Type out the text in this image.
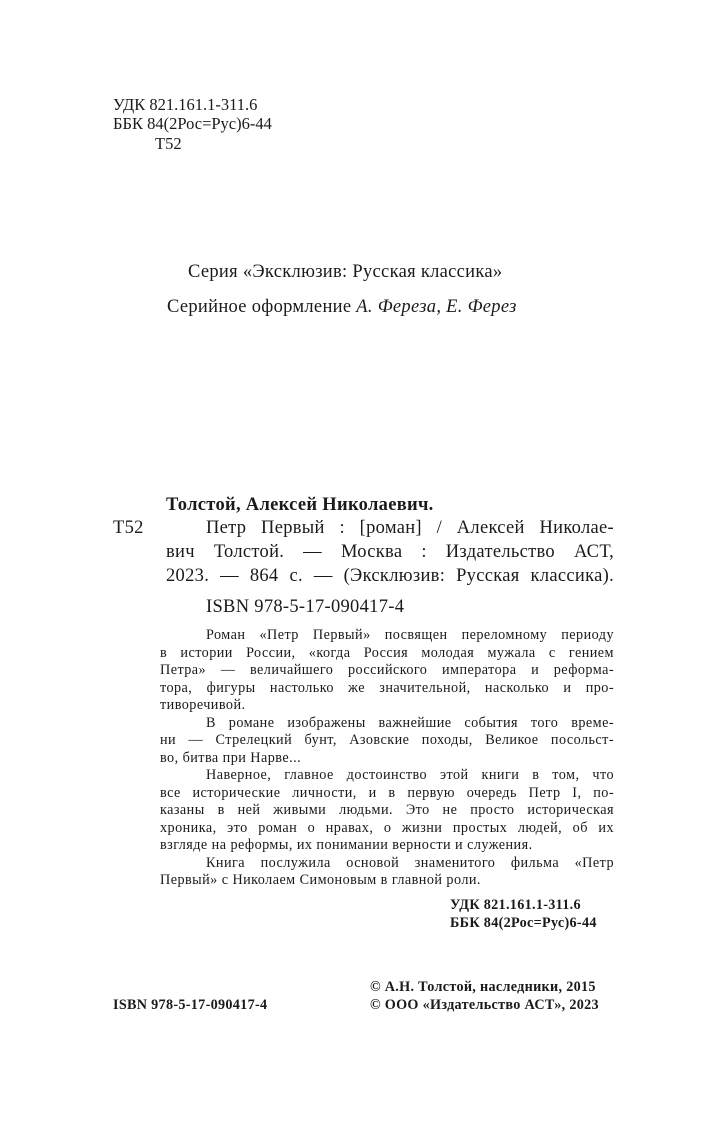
УДК 821.161.1-311.6
ББК 84(2Рос=Рус)6-44
Т52
Серия «Эксклюзив: Русская классика»
Серийное оформление А. Фереза, Е. Ферез
Толстой, Алексей Николаевич.
Т52	Петр Первый : [роман] / Алексей Николае-
вич Толстой. — Москва : Издательство АСТ,
2023. — 864 с. — (Эксклюзив: Русская классика).
ISBN 978-5-17-090417-4
Роман «Петр Первый» посвящен переломному периоду
в истории России, «когда Россия молодая мужала с гением
Петра» — величайшего российского императора и реформа-
тора, фигуры настолько же значительной, насколько и про-
тиворечивой.
В романе изображены важнейшие события того време-
ни — Стрелецкий бунт, Азовские походы, Великое посольст-
во, битва при Нарве...
Наверное, главное достоинство этой книги в том, что
все исторические личности, и в первую очередь Петр I, по-
казаны в ней живыми людьми. Это не просто историческая
хроника, это роман о нравах, о жизни простых людей, об их
взгляде на реформы, их понимании верности и служения.
Книга послужила основой знаменитого фильма «Петр
Первый» с Николаем Симоновым в главной роли.
УДК 821.161.1-311.6
ББК 84(2Рос=Рус)6-44
© А.Н. Толстой, наследники, 2015
ISBN 978-5-17-090417-4	© ООО «Издательство АСТ», 2023
